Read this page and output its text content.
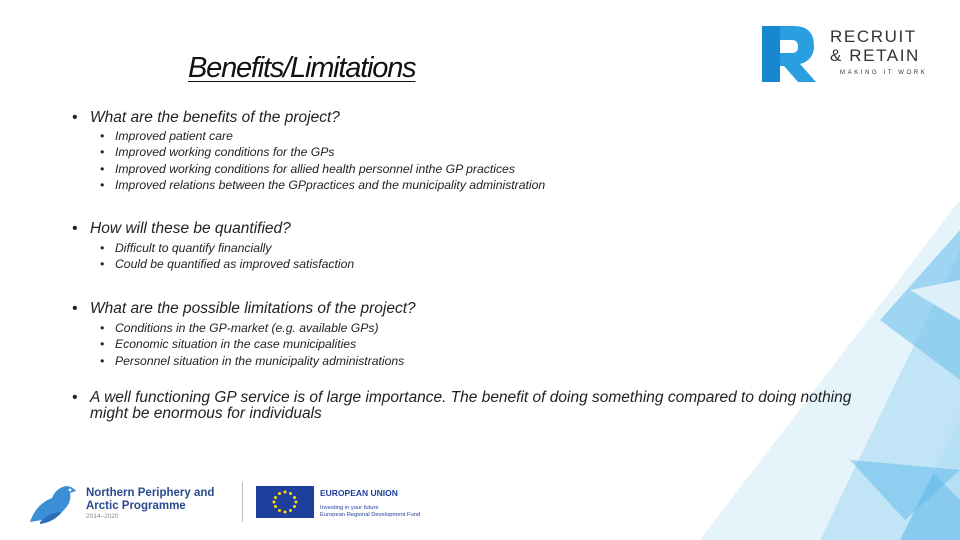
Benefits/Limitations
RECRUIT
& RETAIN
MAKING IT WORK
• What are the benefits of the project?
• Improved patient care
• Improved working conditions for the GPs
• Improved working conditions for allied health personnel inthe GP practices
• Improved relations between the GPpractices and the municipality administration
• How will these be quantified?
• Difficult to quantify financially
• Could be quantified as improved satisfaction
• What are the possible limitations of the project?
• Conditions in the GP-market (e.g. available GPs)
• Economic situation in the case municipalities
• Personnel situation in the municipality administrations
• A well functioning GP service is of large importance. The benefit of doing something compared to doing nothing might be enormous for individuals
Northern Periphery and
Arctic Programme
2014–2020
EUROPEAN UNION
Investing in your future
European Regional Development Fund
